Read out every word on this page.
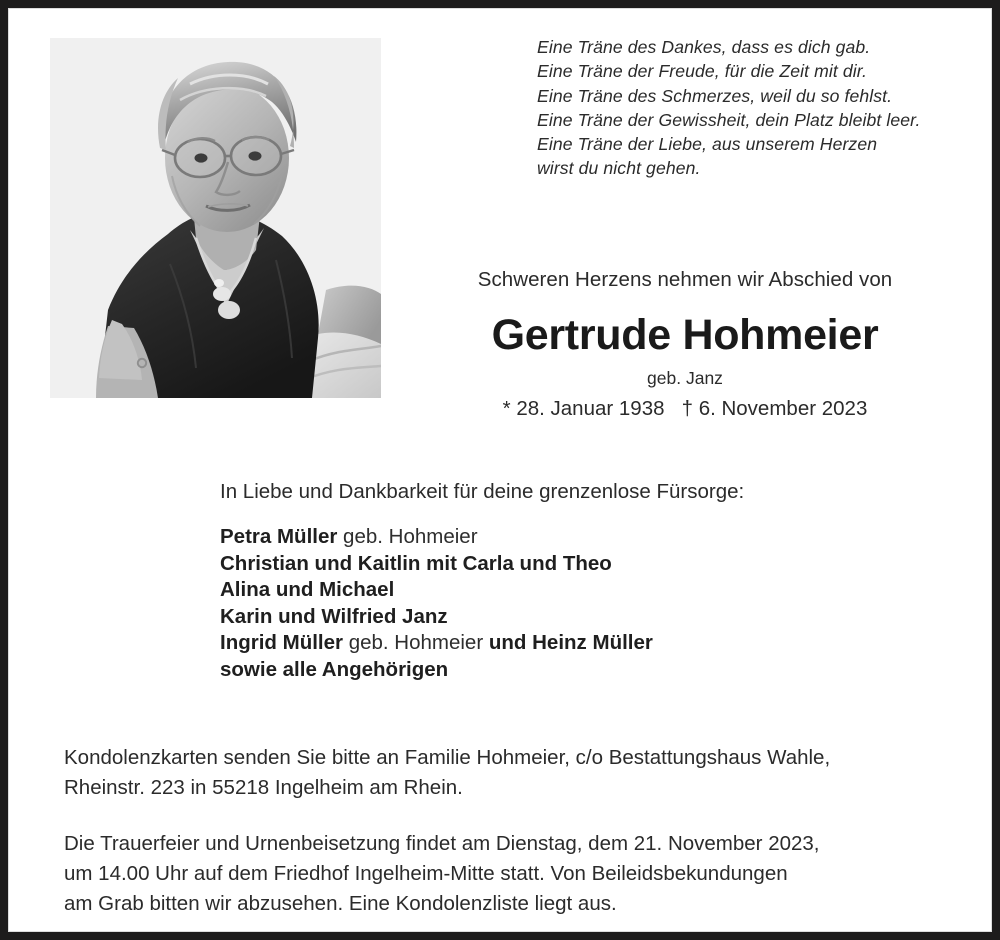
Eine Träne des Dankes, dass es dich gab.
Eine Träne der Freude, für die Zeit mit dir.
Eine Träne des Schmerzes, weil du so fehlst.
Eine Träne der Gewissheit, dein Platz bleibt leer.
Eine Träne der Liebe, aus unserem Herzen
wirst du nicht gehen.
Schweren Herzens nehmen wir Abschied von
Gertrude Hohmeier
geb. Janz
* 28. Januar 1938   † 6. November 2023
In Liebe und Dankbarkeit für deine grenzenlose Fürsorge:
Petra Müller geb. Hohmeier
Christian und Kaitlin mit Carla und Theo
Alina und Michael
Karin und Wilfried Janz
Ingrid Müller geb. Hohmeier und Heinz Müller
sowie alle Angehörigen
Kondolenzkarten senden Sie bitte an Familie Hohmeier, c/o Bestattungshaus Wahle,
Rheinstr. 223 in 55218 Ingelheim am Rhein.
Die Trauerfeier und Urnenbeisetzung findet am Dienstag, dem 21. November 2023,
um 14.00 Uhr auf dem Friedhof Ingelheim-Mitte statt. Von Beileidsbekundungen
am Grab bitten wir abzusehen. Eine Kondolenzliste liegt aus.
